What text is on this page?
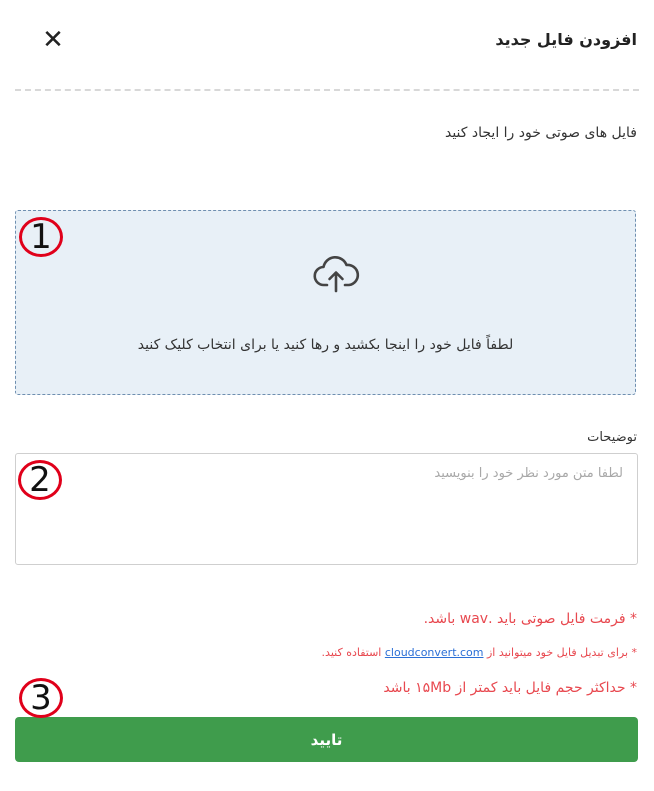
✕	افزودن فایل جدید
فایل های صوتی خود را ایجاد کنید
لطفاً فایل خود را اینجا بکشید و رها کنید یا برای انتخاب کلیک کنید
توضیحات
لطفا متن مورد نظر خود را بنویسید
* فرمت فایل صوتی باید .wav باشد.
* برای تبدیل فایل خود میتوانید از cloudconvert.com استفاده کنید.
* حداکثر حجم فایل باید کمتر از ۱۵Mb باشد
تایید
1
2
3
